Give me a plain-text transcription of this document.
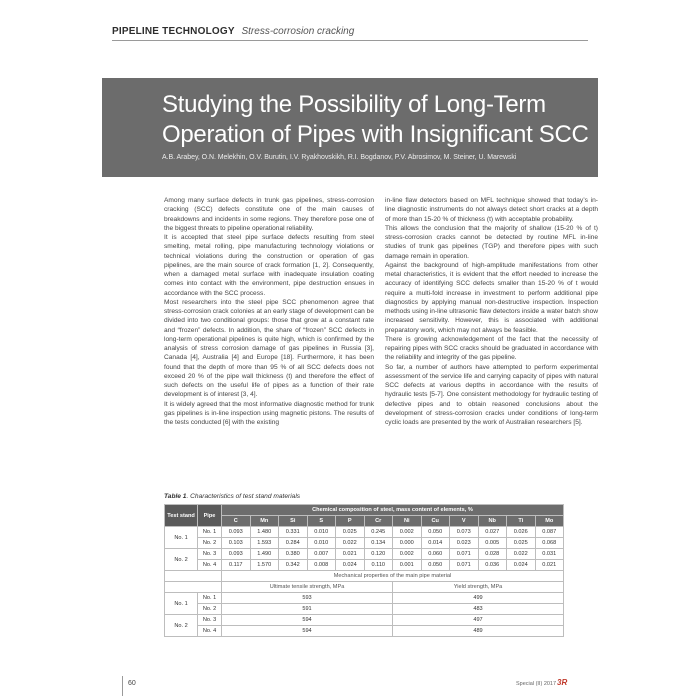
PIPELINE TECHNOLOGY Stress-corrosion cracking
Studying the Possibility of Long-Term
Operation of Pipes with Insignificant SCC
A.B. Arabey, O.N. Melekhin, O.V. Burutin, I.V. Ryakhovskikh, R.I. Bogdanov, P.V. Abrosimov, M. Steiner, U. Marewski

Among many surface defects in trunk gas pipelines, stress-corrosion cracking (SCC) defects constitute one of the main causes of breakdowns and incidents in some regions. They therefore pose one of the biggest threats to pipeline operational reliability.

It is accepted that steel pipe surface defects resulting from steel smelting, metal rolling, pipe manufacturing technology violations or technical violations during the construction or operation of gas pipelines, are the main source of crack formation [1, 2]. Consequently, when a damaged metal surface with inadequate insulation coating comes into contact with the environment, pipe destruction ensues in accordance with the SCC process.

Most researchers into the steel pipe SCC phenomenon agree that stress-corrosion crack colonies at an early stage of development can be divided into two conditional groups: those that grow at a constant rate and “frozen” defects. In addition, the share of “frozen” SCC defects in long-term operational pipelines is quite high, which is confirmed by the analysis of stress corrosion damage of gas pipelines in Russia [3], Canada [4], Australia [4] and Europe [18]. Furthermore, it has been found that the depth of more than 95 % of all SCC defects does not exceed 20 % of the pipe wall thickness (t) and therefore the effect of such defects on the useful life of pipes as a function of their rate development is of interest [3, 4].

It is widely agreed that the most informative diagnostic method for trunk gas pipelines is in-line inspection using magnetic pistons. The results of the tests conducted [6] with the existing

in-line flaw detectors based on MFL technique showed that today’s in-line diagnostic instruments do not always detect short cracks at a depth of more than 15-20 % of thickness (t) with acceptable probability.

This allows the conclusion that the majority of shallow (15-20 % of t) stress-corrosion cracks cannot be detected by routine MFL in-line studies of trunk gas pipelines (TGP) and therefore pipes with such damage remain in operation.

Against the background of high-amplitude manifestations from other metal characteristics, it is evident that the effort needed to increase the accuracy of identifying SCC defects smaller than 15-20 % of t would require a multi-fold increase in investment to perform additional pipe diagnostics by applying manual non-destructive inspection. Inspection methods using in-line ultrasonic flaw detectors inside a water batch show increased sensitivity. However, this is associated with additional preparatory work, which may not always be feasible.

There is growing acknowledgement of the fact that the necessity of repairing pipes with SCC cracks should be graduated in accordance with the reliability and integrity of the gas pipeline.

So far, a number of authors have attempted to perform experimental assessment of the service life and carrying capacity of pipes with natural SCC defects at various depths in accordance with the results of hydraulic tests [5-7]. One consistent methodology for hydraulic testing of defective pipes and to obtain reasoned conclusions about the development of stress-corrosion cracks under conditions of long-term cyclic loads are presented by the work of Australian researchers [5].

Table 1. Characteristics of test stand materials
Test stand	Pipe	Chemical composition of steel, mass content of elements, %											
		C	Mn	Si	S	P	Cr	Ni	Cu	V	Nb	Ti	Mo
No. 1	No. 1	0.093	1.480	0.331	0.010	0.025	0.245	0.002	0.050	0.073	0.027	0.026	0.087
	No. 2	0.103	1.593	0.284	0.010	0.022	0.134	0.000	0.014	0.023	0.005	0.025	0.068
No. 2	No. 3	0.093	1.490	0.380	0.007	0.021	0.120	0.002	0.060	0.071	0.028	0.022	0.031
	No. 4	0.117	1.570	0.342	0.008	0.024	0.110	0.001	0.050	0.071	0.036	0.024	0.021
		Mechanical properties of the main pipe material											
		Ultimate tensile strength, MPa						Yield strength, MPa					
No. 1	No. 1	593						499					
	No. 2	591						483					
No. 2	No. 3	594						497					
	No. 4	594						489					
60	Special (II) 2017 3R
